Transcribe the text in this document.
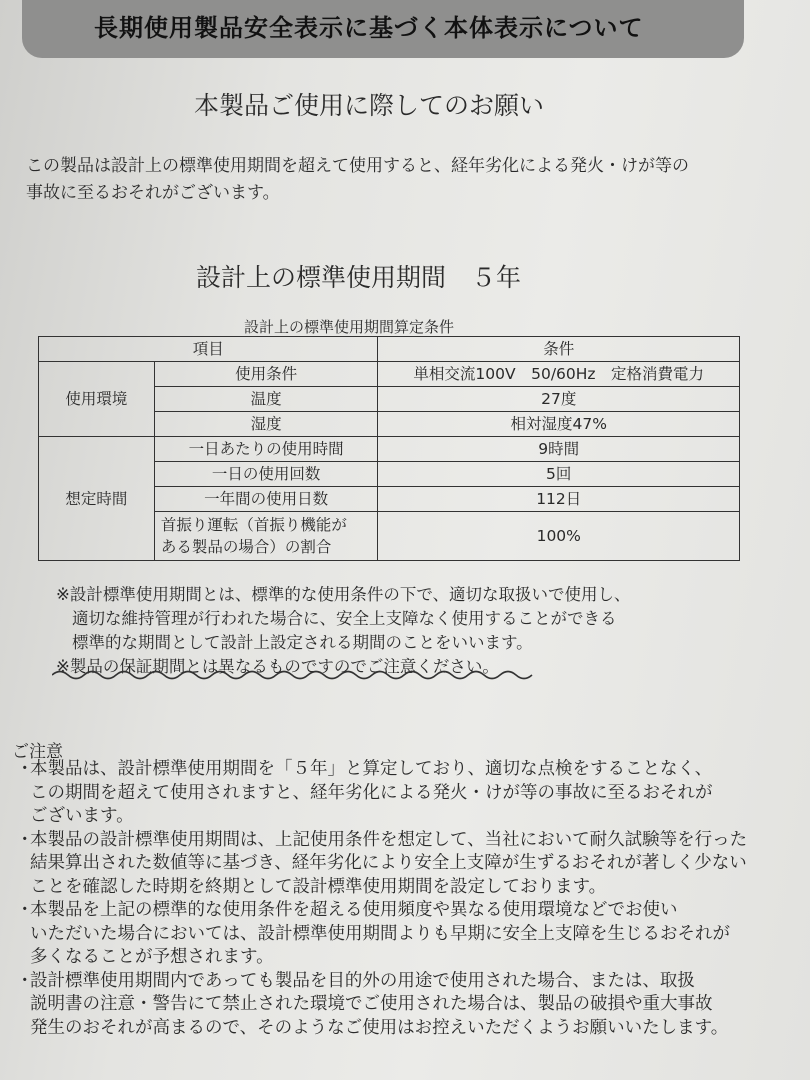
長期使用製品安全表示に基づく本体表示について
本製品ご使用に際してのお願い
この製品は設計上の標準使用期間を超えて使用すると、経年劣化による発火・けが等の
事故に至るおそれがございます。
設計上の標準使用期間　５年
設計上の標準使用期間算定条件
項目		条件
使用環境	使用条件	単相交流100V　50/60Hz　定格消費電力
	温度	27度
	湿度	相対湿度47%
想定時間	一日あたりの使用時間	9時間
	一日の使用回数	5回
	一年間の使用日数	112日

	首振り運転（首振り機能が
ある製品の場合）の割合	100%
※設計標準使用期間とは、標準的な使用条件の下で、適切な取扱いで使用し、
適切な維持管理が行われた場合に、安全上支障なく使用することができる
標準的な期間として設計上設定される期間のことをいいます。
※製品の保証期間とは異なるものですのでご注意ください。
ご注意
・本製品は、設計標準使用期間を「５年」と算定しており、適切な点検をすることなく、
この期間を超えて使用されますと、経年劣化による発火・けが等の事故に至るおそれが
ございます。
・本製品の設計標準使用期間は、上記使用条件を想定して、当社において耐久試験等を行った
結果算出された数値等に基づき、経年劣化により安全上支障が生ずるおそれが著しく少ない
ことを確認した時期を終期として設計標準使用期間を設定しております。
・本製品を上記の標準的な使用条件を超える使用頻度や異なる使用環境などでお使い
いただいた場合においては、設計標準使用期間よりも早期に安全上支障を生じるおそれが
多くなることが予想されます。
・設計標準使用期間内であっても製品を目的外の用途で使用された場合、または、取扱
説明書の注意・警告にて禁止された環境でご使用された場合は、製品の破損や重大事故
発生のおそれが高まるので、そのようなご使用はお控えいただくようお願いいたします。
